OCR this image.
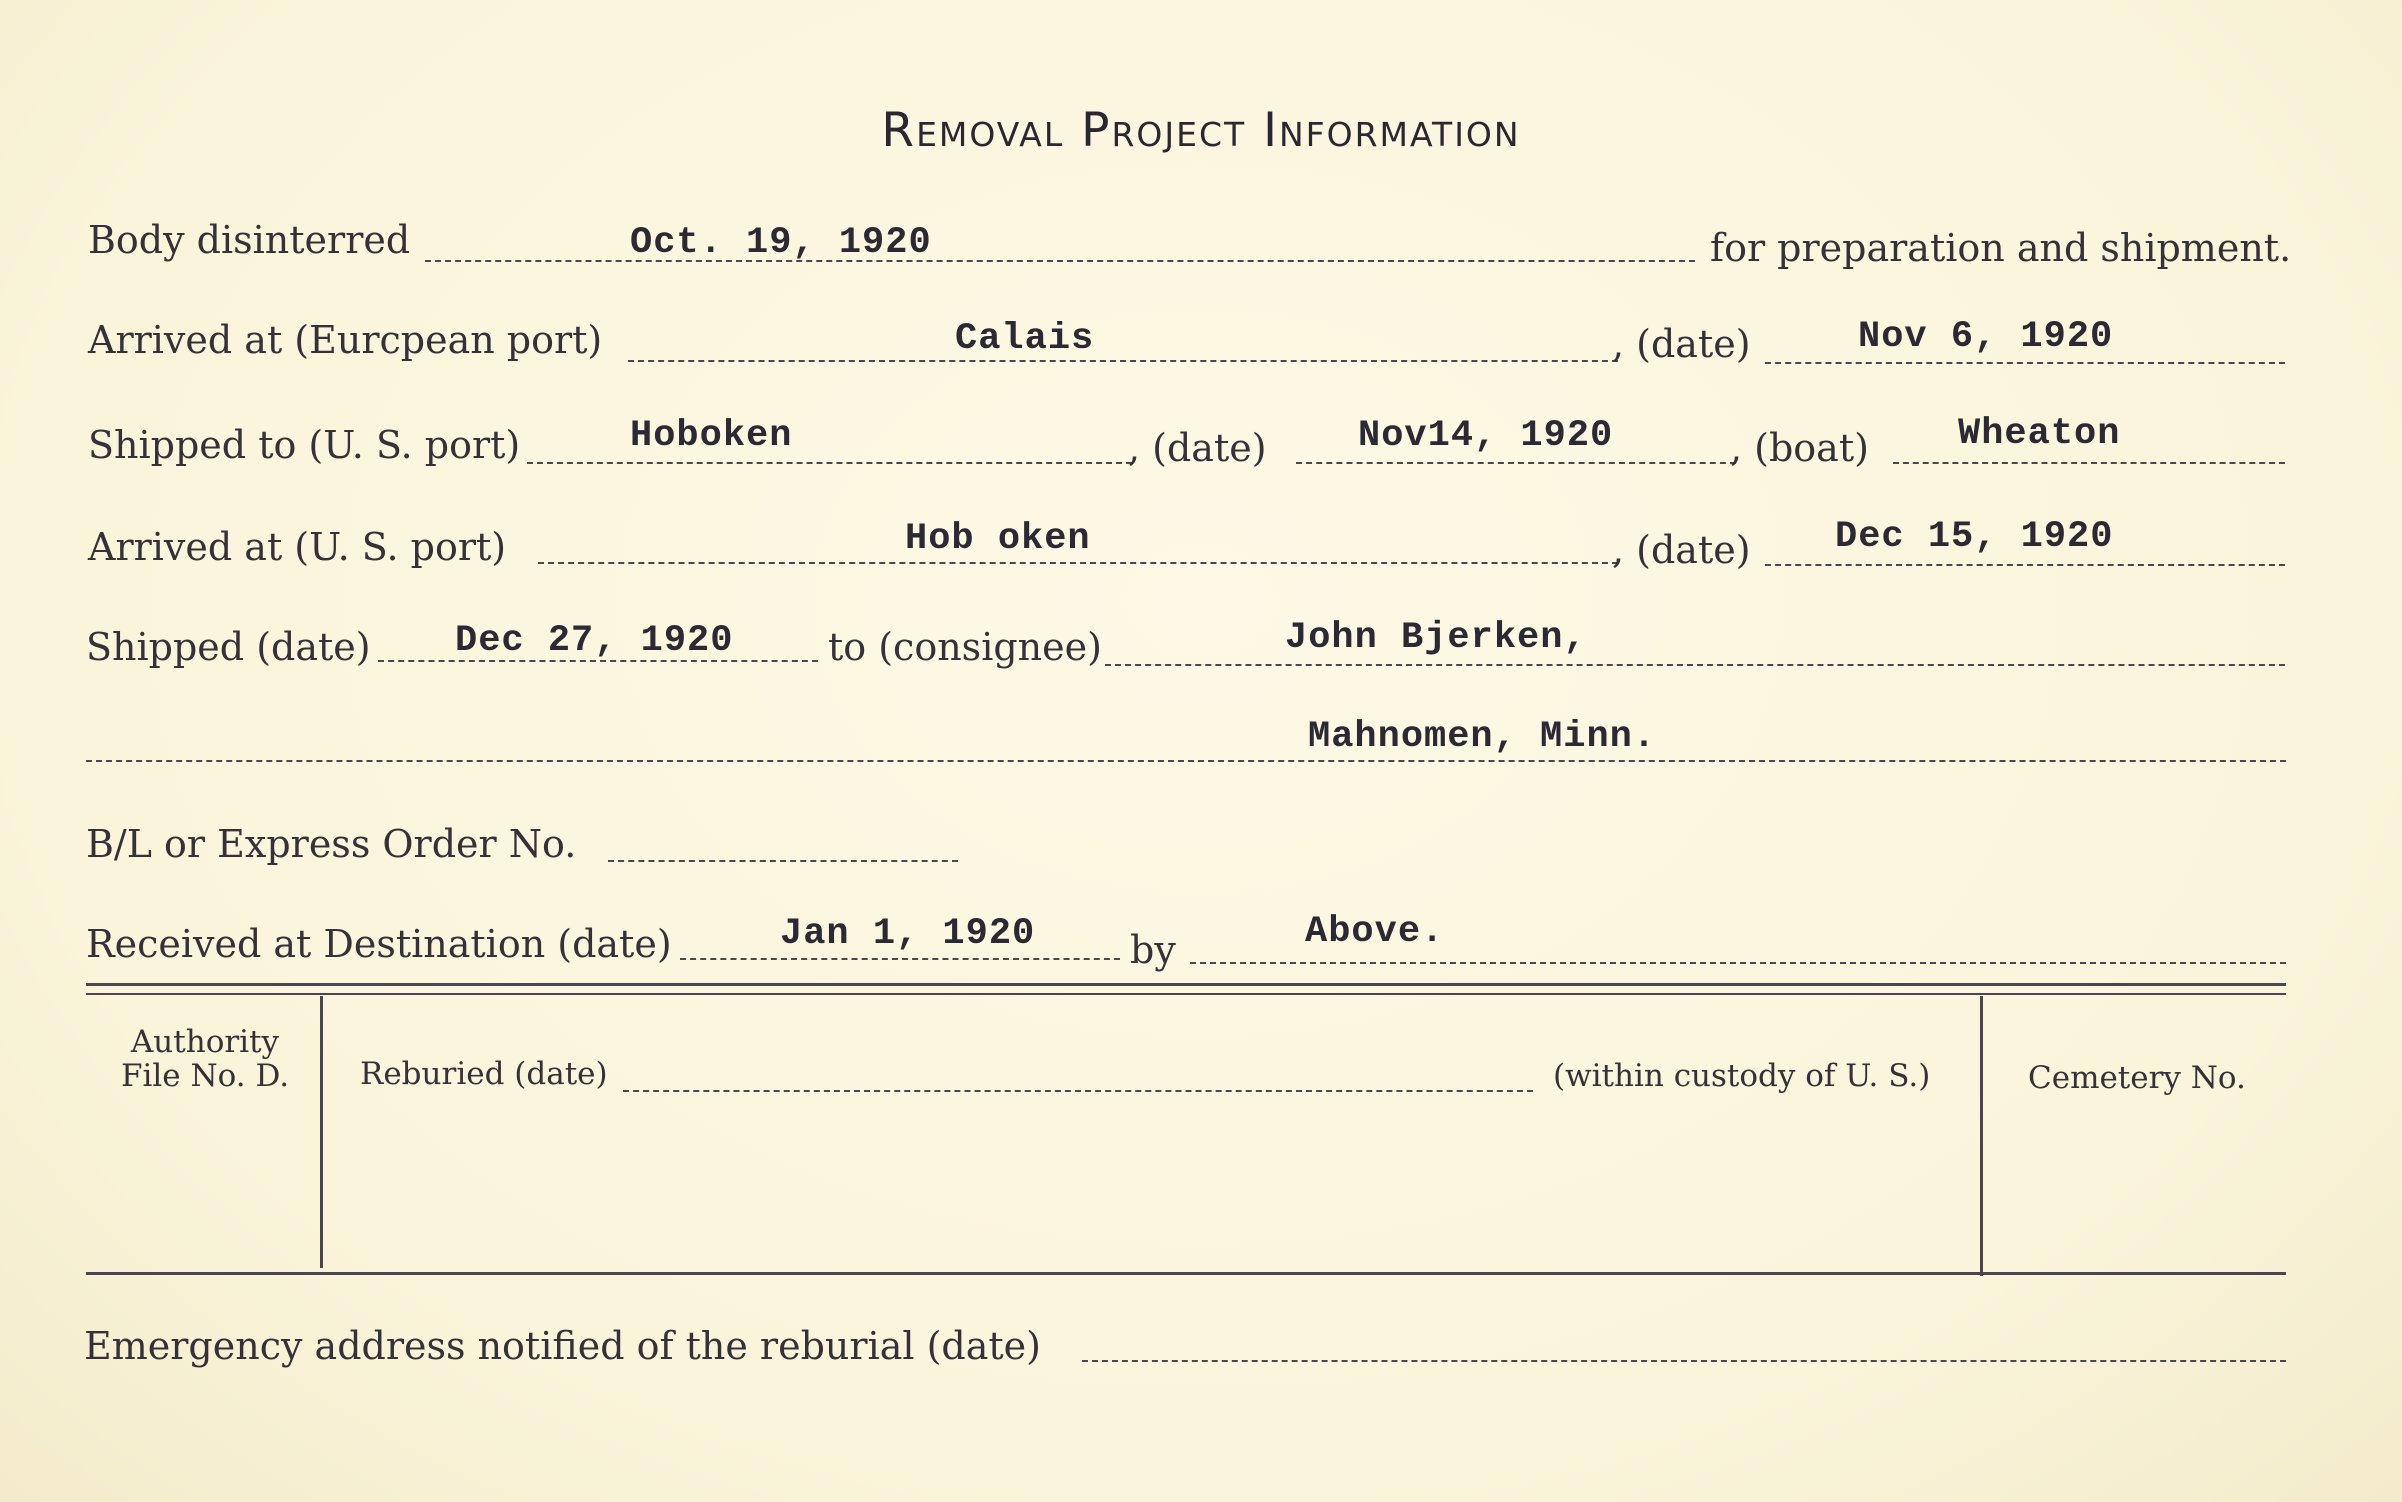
Removal Project Information
Body disinterred	Oct. 19, 1920	for preparation and shipment.
Arrived at (Eurcpean port)	Calais	, (date)	Nov 6, 1920
Shipped to (U. S. port)	Hoboken	, (date) Nov14, 1920	, (boat) Wheaton
Arrived at (U. S. port)	Hob oken	, (date) Dec 15, 1920
Shipped (date) Dec 27, 1920 to (consignee)	John Bjerken,
Mahnomen, Minn.
B/L or Express Order No.
Received at Destination (date)	Jan 1, 1920 by	Above.
Authority
File No. D.	Reburied (date)	(within custody of U. S.)	Cemetery No.
Emergency address notified of the reburial (date)
